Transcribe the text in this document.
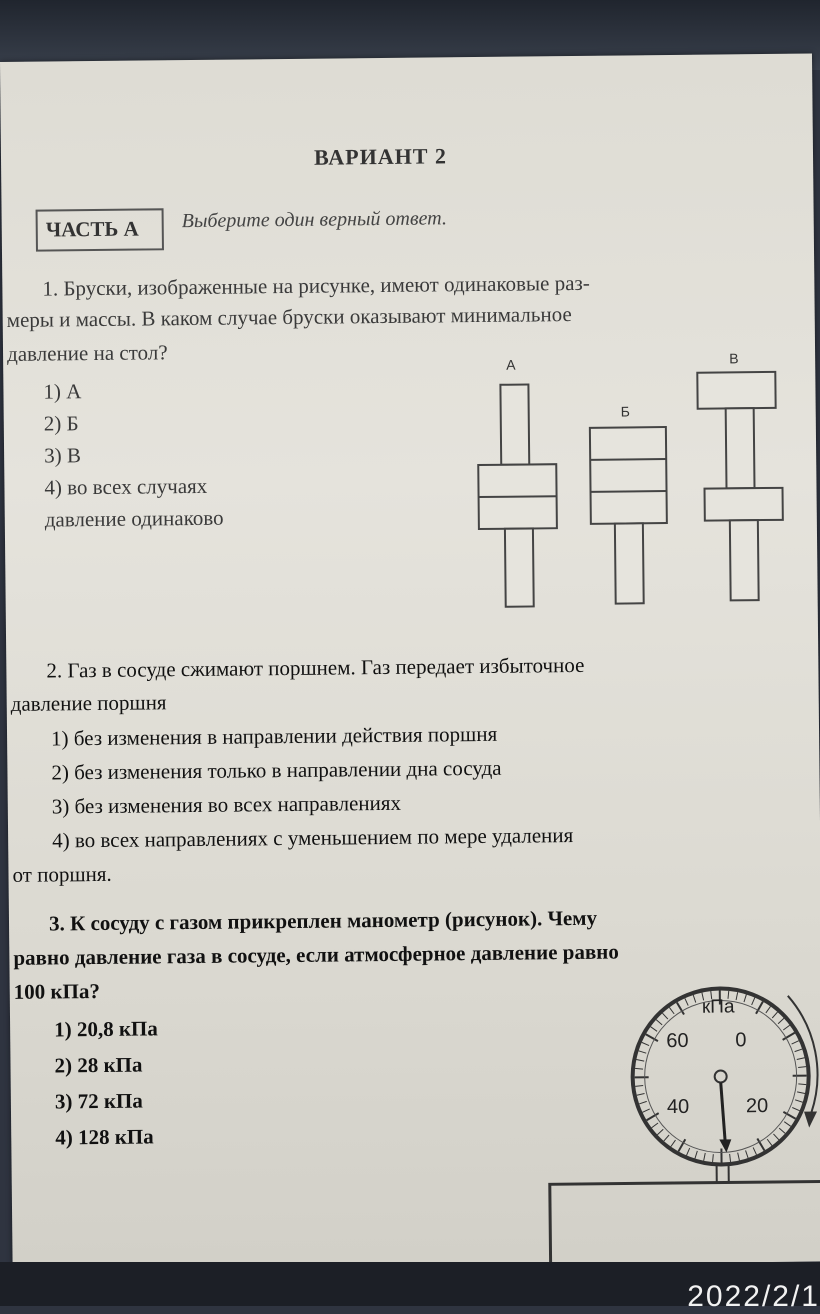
ВАРИАНТ 2
ЧАСТЬ А Выберите один верный ответ.
1. Бруски, изображенные на рисунке, имеют одинаковые раз-
меры и массы. В каком случае бруски оказывают минимальное
давление на стол?
1) А
2) Б
3) В
4) во всех случаях
давление одинаково
А
Б
В
2. Газ в сосуде сжимают поршнем. Газ передает избыточное
давление поршня
1) без изменения в направлении действия поршня
2) без изменения только в направлении дна сосуда
3) без изменения во всех направлениях
4) во всех направлениях с уменьшением по мере удаления
от поршня.
3. К сосуду с газом прикреплен манометр (рисунок). Чему
равно давление газа в сосуде, если атмосферное давление равно
100 кПа?
1) 20,8 кПа
2) 28 кПа
3) 72 кПа
4) 128 кПа
кПа
60 0
40	20
2022/2/1
